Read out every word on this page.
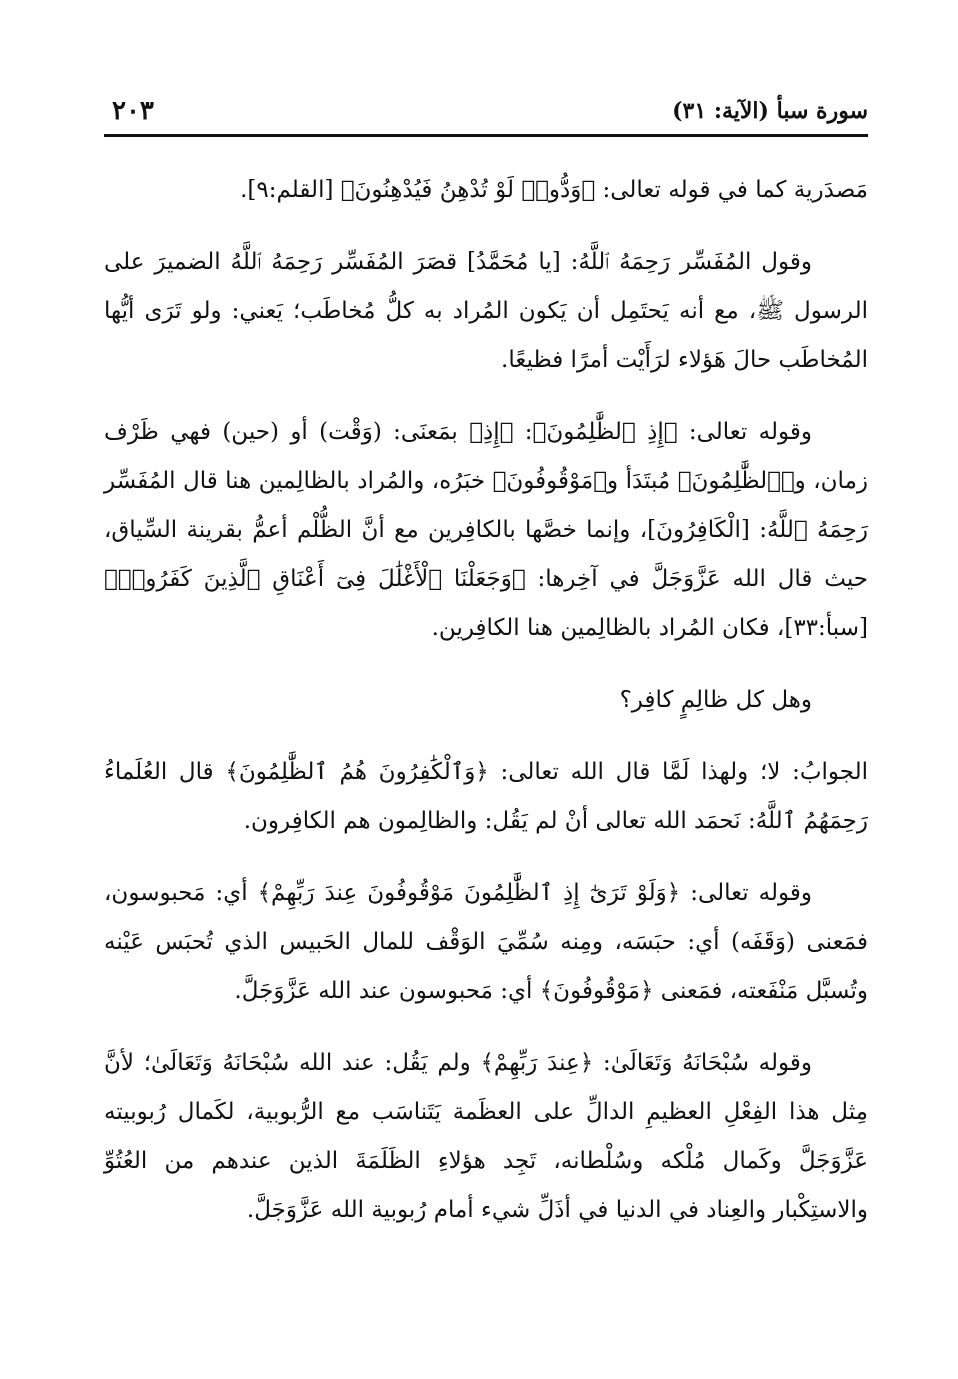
سورة سبأ (الآية: ٣١)
٢٠٣

مَصدَرية كما في قوله تعالى: ﴿وَدُّوا۟ لَوْ تُدْهِنُ فَيُدْهِنُونَ﴾ [القلم:٩].

وقول المُفَسِّر رَحِمَهُ ٱللَّهُ: [يا مُحَمَّدُ] قصَرَ المُفَسِّر رَحِمَهُ ٱللَّهُ الضميرَ على الرسول ﷺ، مع أنه يَحتَمِل أن يَكون المُراد به كلُّ مُخاطَب؛ يَعني: ولو تَرَى أيُّها المُخاطَب حالَ هَؤلاء لرَأَيْت أمرًا فظيعًا.

وقوله تعالى: ﴿إِذِ ٱلظَّٰلِمُونَ﴾: ﴿إِذِ﴾ بمَعنَى: (وَقْت) أو (حين) فهي ظَرْف زمان، و﴿ٱلظَّٰلِمُونَ﴾ مُبتَدَأ و﴿مَوْقُوفُونَ﴾ خبَرُه، والمُراد بالظالِمين هنا قال المُفَسِّر رَحِمَهُ ٱللَّهُ: [الْكَافِرُونَ]، وإنما خصَّها بالكافِرين مع أنَّ الظُّلْم أعمُّ بقرينة السِّياق، حيث قال الله عَزَّوَجَلَّ في آخِرها: ﴿وَجَعَلْنَا ٱلْأَغْلَٰلَ فِىٓ أَعْنَاقِ ٱلَّذِينَ كَفَرُوا۟﴾ [سبأ:٣٣]، فكان المُراد بالظالِمين هنا الكافِرين.

وهل كل ظالِمٍ كافِر؟

الجوابُ: لا؛ ولهذا لَمَّا قال الله تعالى: ﴿وَٱلْكَٰفِرُونَ هُمُ ٱلظَّٰلِمُونَ﴾ قال العُلَماءُ رَحِمَهُمُ ٱللَّهُ: نَحمَد الله تعالى أنْ لم يَقُل: والظالِمون هم الكافِرون.

وقوله تعالى: ﴿وَلَوْ تَرَىٰٓ إِذِ ٱلظَّٰلِمُونَ مَوْقُوفُونَ عِندَ رَبِّهِمْ﴾ أي: مَحبوسون، فمَعنى (وَقَفَه) أي: حبَسَه، ومِنه سُمِّيَ الوَقْف للمال الحَبيس الذي تُحبَس عَيْنه وتُسبَّل مَنْفَعته، فمَعنى ﴿مَوْقُوفُونَ﴾ أي: مَحبوسون عند الله عَزَّوَجَلَّ.

وقوله سُبْحَانَهُ وَتَعَالَىٰ: ﴿عِندَ رَبِّهِمْ﴾ ولم يَقُل: عند الله سُبْحَانَهُ وَتَعَالَىٰ؛ لأنَّ مِثل هذا الفِعْلِ العظيمِ الدالِّ على العظَمة يَتَناسَب مع الرُّبوبية، لكَمال رُبوبيته عَزَّوَجَلَّ وكَمال مُلْكه وسُلْطانه، تَجِد هؤلاءِ الظَلَمَةَ الذين عندهم من العُتُوِّ والاستِكْبار والعِناد في الدنيا في أذَلِّ شيء أمام رُبوبية الله عَزَّوَجَلَّ.
